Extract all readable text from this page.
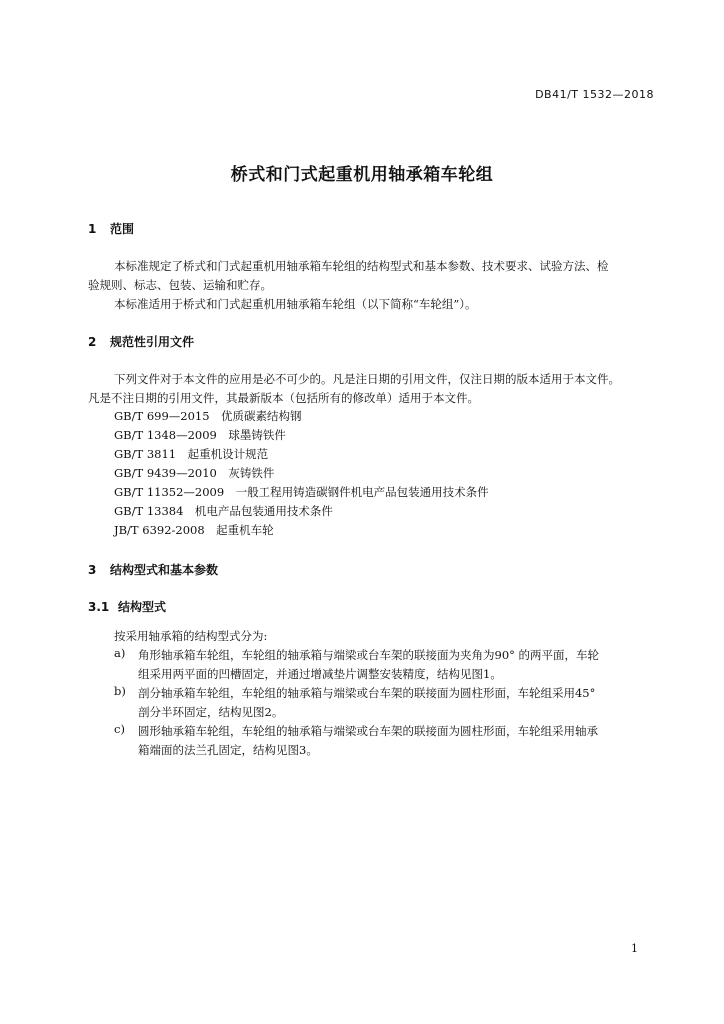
DB41/T 1532—2018
桥式和门式起重机用轴承箱车轮组
1 范围
本标准规定了桥式和门式起重机用轴承箱车轮组的结构型式和基本参数、技术要求、试验方法、检
验规则、标志、包装、运输和贮存。
本标准适用于桥式和门式起重机用轴承箱车轮组（以下简称“车轮组”）。
2 规范性引用文件
下列文件对于本文件的应用是必不可少的。凡是注日期的引用文件，仅注日期的版本适用于本文件。
凡是不注日期的引用文件，其最新版本（包括所有的修改单）适用于本文件。
GB/T 699—2015　优质碳素结构钢
GB/T 1348—2009　球墨铸铁件
GB/T 3811　起重机设计规范
GB/T 9439—2010　灰铸铁件
GB/T 11352—2009　一般工程用铸造碳钢件机电产品包装通用技术条件
GB/T 13384　机电产品包装通用技术条件
JB/T 6392-2008　起重机车轮
3 结构型式和基本参数
3.1 结构型式
按采用轴承箱的结构型式分为:
a) 角形轴承箱车轮组，车轮组的轴承箱与端梁或台车架的联接面为夹角为90° 的两平面，车轮
组采用两平面的凹槽固定，并通过增减垫片调整安装精度，结构见图1。
b) 剖分轴承箱车轮组，车轮组的轴承箱与端梁或台车架的联接面为圆柱形面，车轮组采用45°
剖分半环固定，结构见图2。
c) 圆形轴承箱车轮组，车轮组的轴承箱与端梁或台车架的联接面为圆柱形面，车轮组采用轴承
箱端面的法兰孔固定，结构见图3。
1
